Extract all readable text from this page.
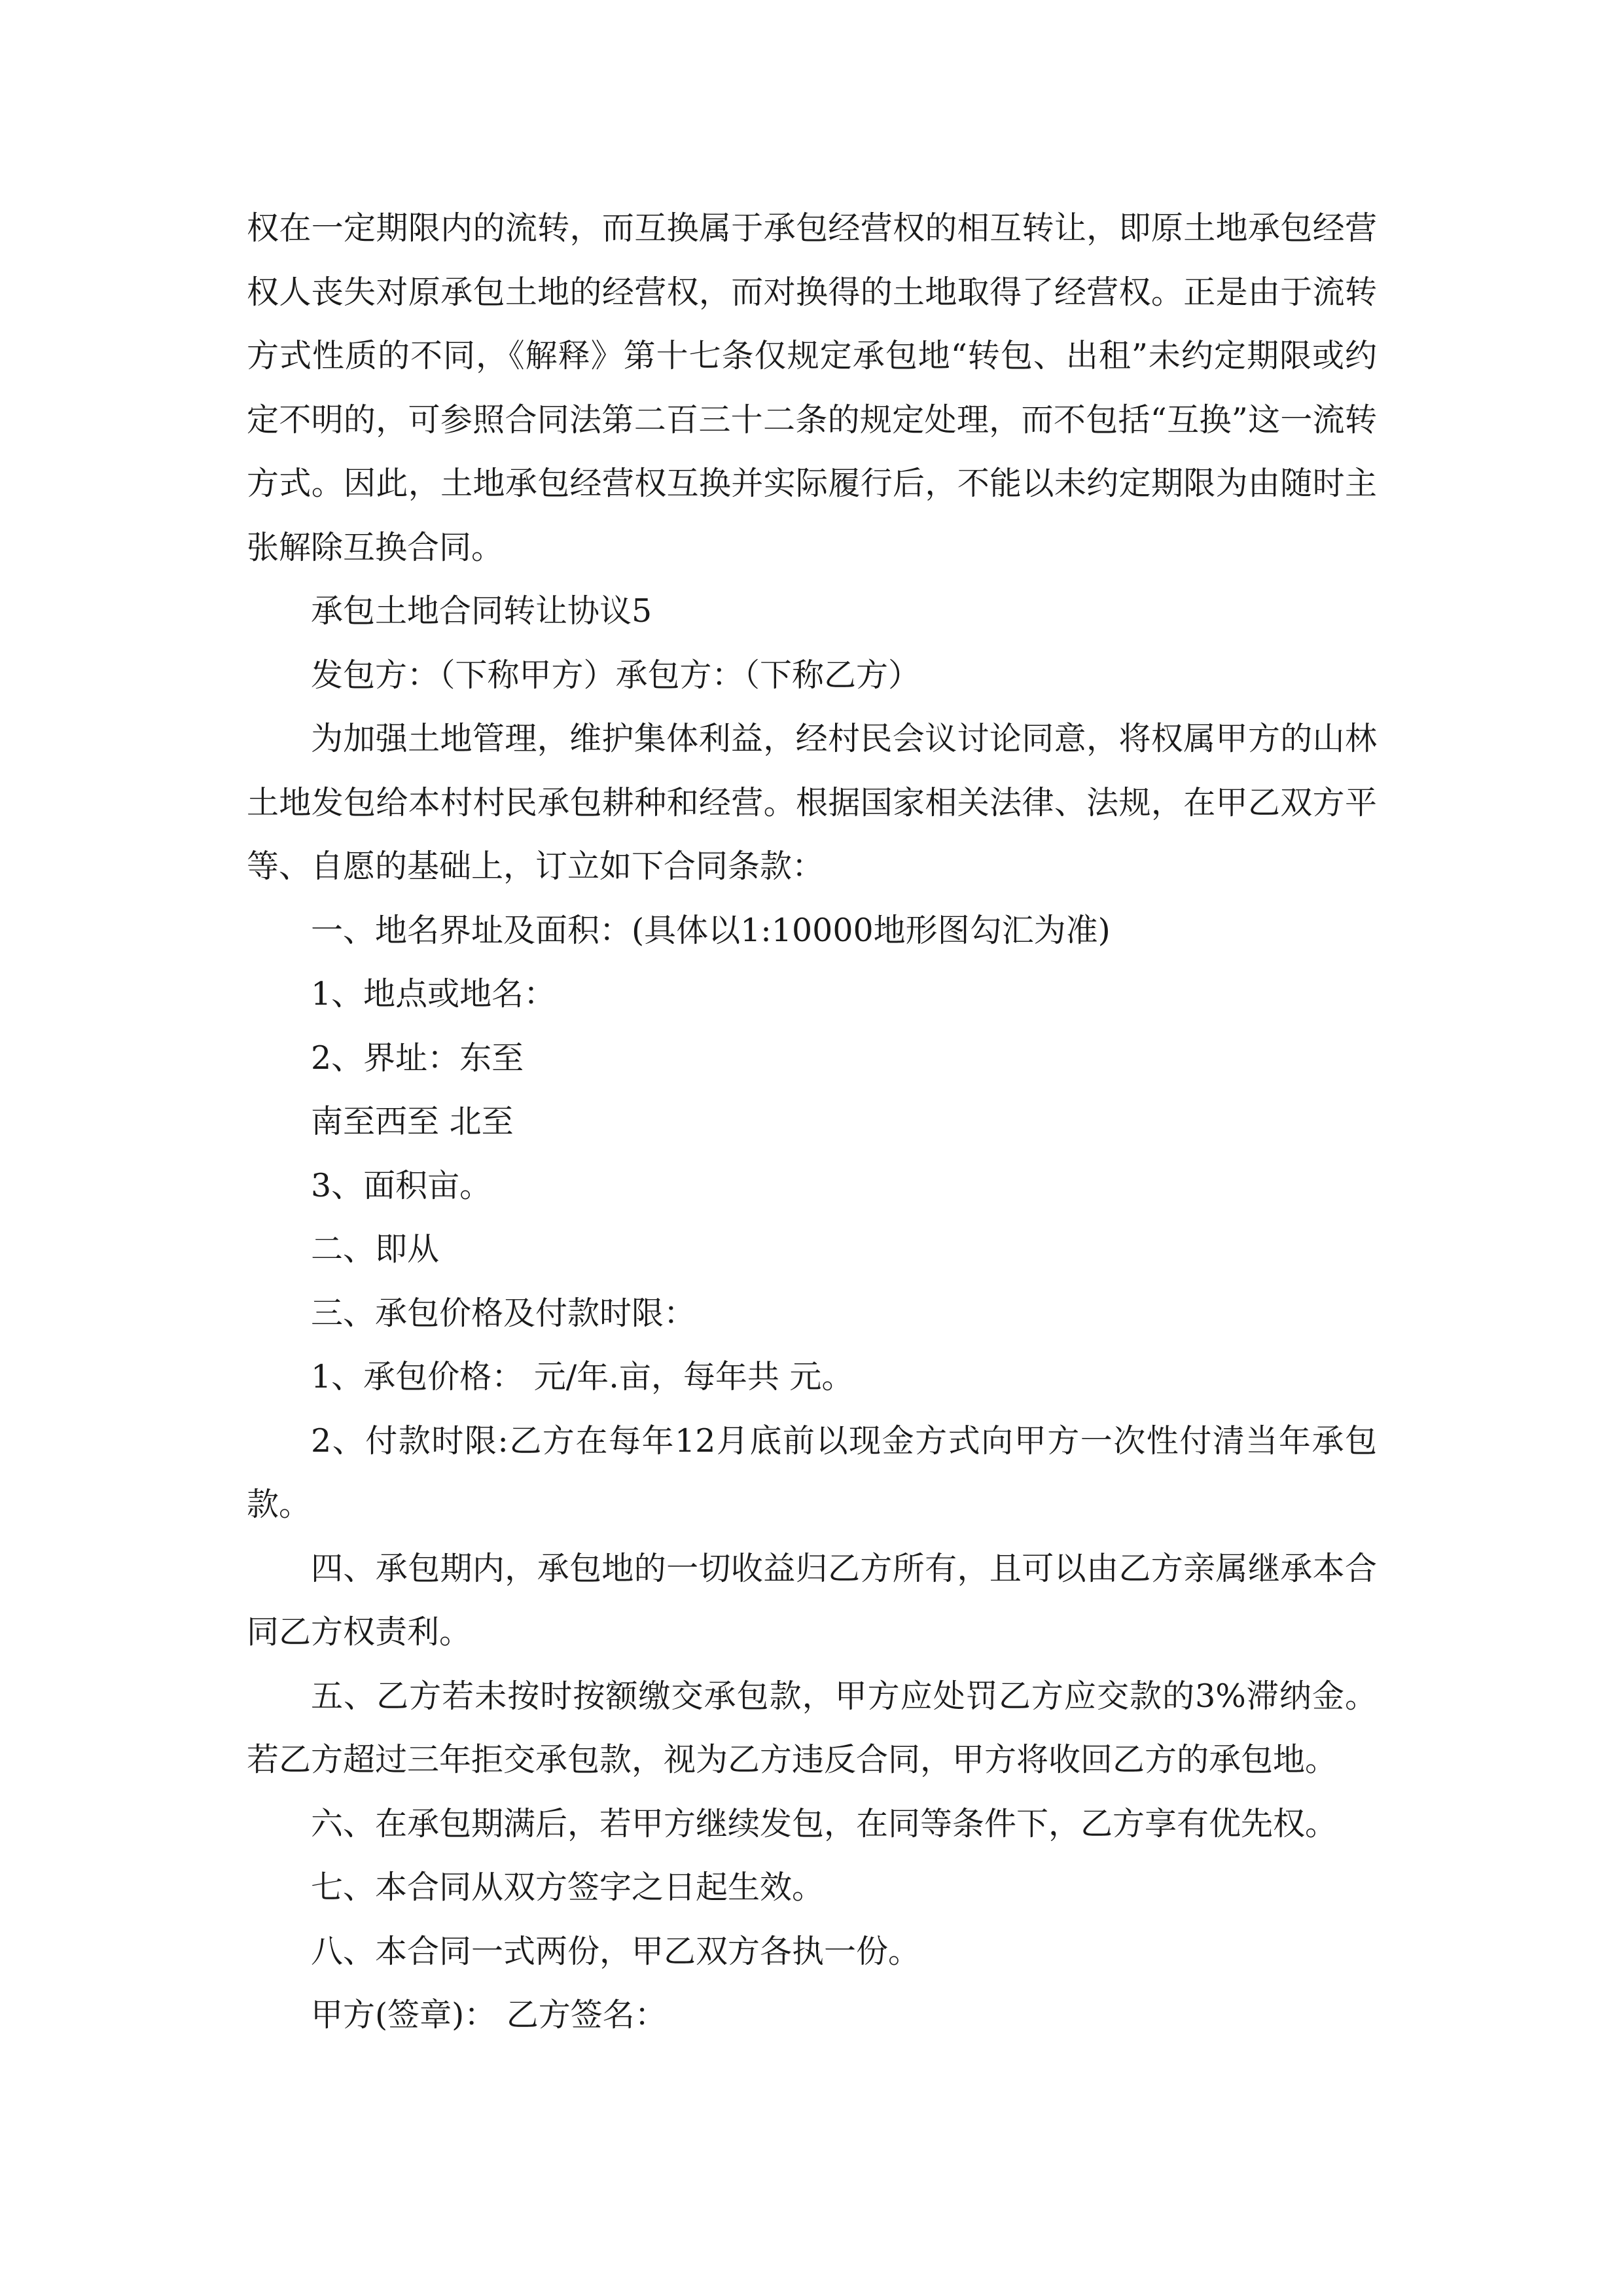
权在一定期限内的流转，而互换属于承包经营权的相互转让，即原土地承包经营权人丧失对原承包土地的经营权，而对换得的土地取得了经营权。正是由于流转方式性质的不同，《解释》第十七条仅规定承包地“转包、出租”未约定期限或约定不明的，可参照合同法第二百三十二条的规定处理，而不包括“互换”这一流转方式。因此，土地承包经营权互换并实际履行后，不能以未约定期限为由随时主张解除互换合同。

承包土地合同转让协议5

发包方：（下称甲方）承包方：（下称乙方）

为加强土地管理，维护集体利益，经村民会议讨论同意，将权属甲方的山林土地发包给本村村民承包耕种和经营。根据国家相关法律、法规，在甲乙双方平等、自愿的基础上，订立如下合同条款：

一、地名界址及面积：(具体以1:10000地形图勾汇为准)

1、地点或地名：

2、界址：东至

南至西至 北至

3、面积亩。

二、即从

三、承包价格及付款时限：

1、承包价格： 元/年.亩，每年共 元。

2、付款时限:乙方在每年12月底前以现金方式向甲方一次性付清当年承包款。

四、承包期内，承包地的一切收益归乙方所有，且可以由乙方亲属继承本合同乙方权责利。

五、乙方若未按时按额缴交承包款，甲方应处罚乙方应交款的3%滞纳金。若乙方超过三年拒交承包款，视为乙方违反合同，甲方将收回乙方的承包地。

六、在承包期满后，若甲方继续发包，在同等条件下，乙方享有优先权。

七、本合同从双方签字之日起生效。

八、本合同一式两份，甲乙双方各执一份。

甲方(签章)： 乙方签名：
